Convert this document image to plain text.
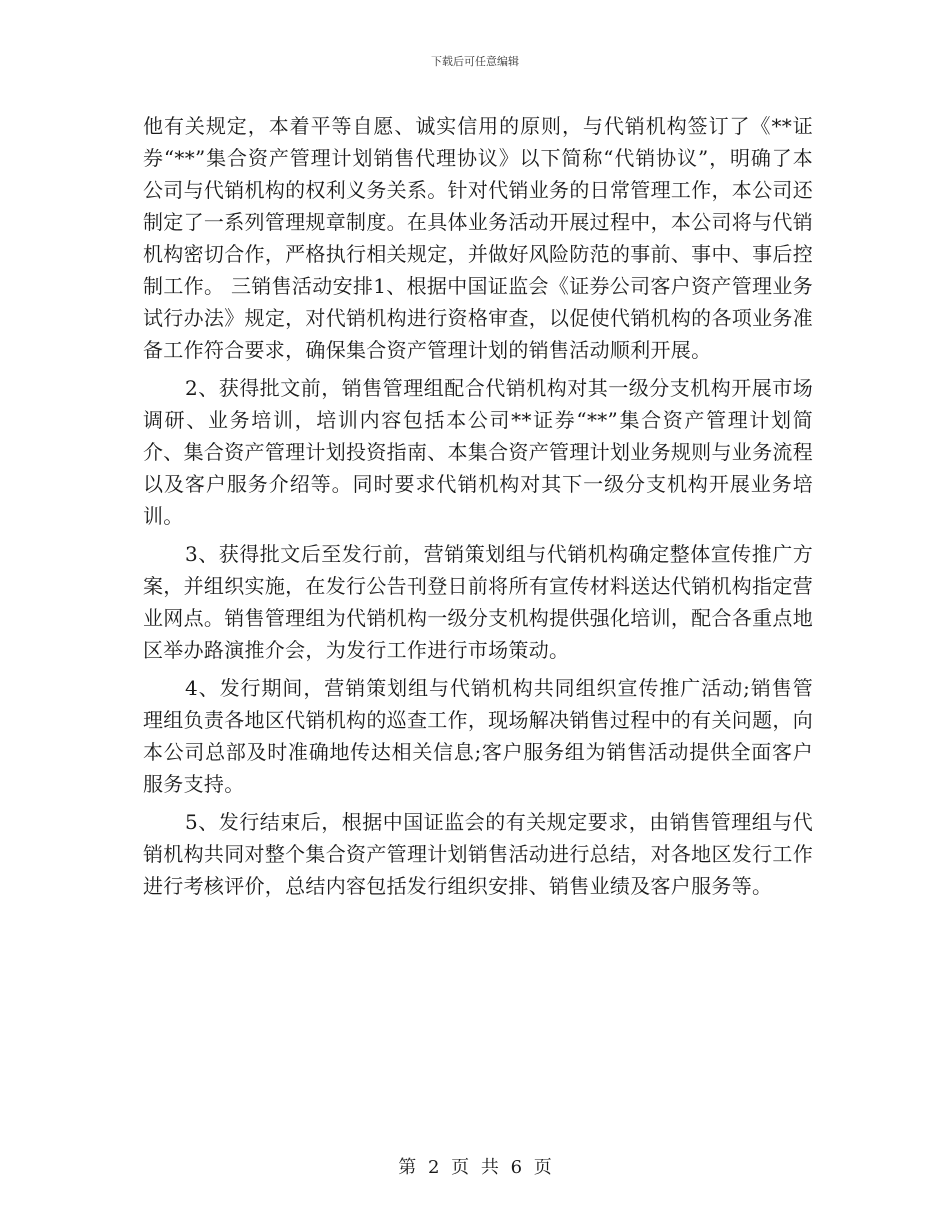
下载后可任意编辑

他有关规定，本着平等自愿、诚实信用的原则，与代销机构签订了《**证券“**”集合资产管理计划销售代理协议》以下简称“代销协议”，明确了本公司与代销机构的权利义务关系。针对代销业务的日常管理工作，本公司还制定了一系列管理规章制度。在具体业务活动开展过程中，本公司将与代销机构密切合作，严格执行相关规定，并做好风险防范的事前、事中、事后控制工作。 三销售活动安排1、根据中国证监会《证券公司客户资产管理业务试行办法》规定，对代销机构进行资格审查，以促使代销机构的各项业务准备工作符合要求，确保集合资产管理计划的销售活动顺利开展。

2、获得批文前，销售管理组配合代销机构对其一级分支机构开展市场调研、业务培训，培训内容包括本公司**证券“**”集合资产管理计划简介、集合资产管理计划投资指南、本集合资产管理计划业务规则与业务流程以及客户服务介绍等。同时要求代销机构对其下一级分支机构开展业务培训。

3、获得批文后至发行前，营销策划组与代销机构确定整体宣传推广方案，并组织实施，在发行公告刊登日前将所有宣传材料送达代销机构指定营业网点。销售管理组为代销机构一级分支机构提供强化培训，配合各重点地区举办路演推介会，为发行工作进行市场策动。

4、发行期间，营销策划组与代销机构共同组织宣传推广活动;销售管理组负责各地区代销机构的巡查工作，现场解决销售过程中的有关问题，向本公司总部及时准确地传达相关信息;客户服务组为销售活动提供全面客户服务支持。

5、发行结束后，根据中国证监会的有关规定要求，由销售管理组与代销机构共同对整个集合资产管理计划销售活动进行总结，对各地区发行工作进行考核评价，总结内容包括发行组织安排、销售业绩及客户服务等。

第 2 页 共 6 页
